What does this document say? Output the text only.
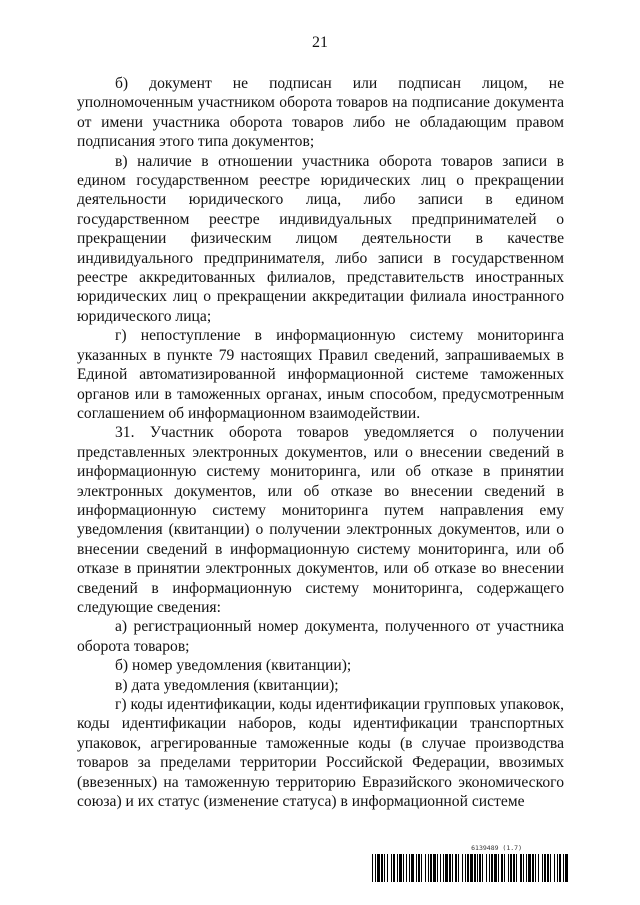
21

б) документ не подписан или подписан лицом, не уполномоченным участником оборота товаров на подписание документа от имени участника оборота товаров либо не обладающим правом подписания этого типа документов;

в) наличие в отношении участника оборота товаров записи в едином государственном реестре юридических лиц о прекращении деятельности юридического лица, либо записи в едином государственном реестре индивидуальных предпринимателей о прекращении физическим лицом деятельности в качестве индивидуального предпринимателя, либо записи в государственном реестре аккредитованных филиалов, представительств иностранных юридических лиц о прекращении аккредитации филиала иностранного юридического лица;

г) непоступление в информационную систему мониторинга указанных в пункте 79 настоящих Правил сведений, запрашиваемых в Единой автоматизированной информационной системе таможенных органов или в таможенных органах, иным способом, предусмотренным соглашением об информационном взаимодействии.

31. Участник оборота товаров уведомляется о получении представленных электронных документов, или о внесении сведений в информационную систему мониторинга, или об отказе в принятии электронных документов, или об отказе во внесении сведений в информационную систему мониторинга путем направления ему уведомления (квитанции) о получении электронных документов, или о внесении сведений в информационную систему мониторинга, или об отказе в принятии электронных документов, или об отказе во внесении сведений в информационную систему мониторинга, содержащего следующие сведения:

а) регистрационный номер документа, полученного от участника оборота товаров;

б) номер уведомления (квитанции);

в) дата уведомления (квитанции);

г) коды идентификации, коды идентификации групповых упаковок, коды идентификации наборов, коды идентификации транспортных упаковок, агрегированные таможенные коды (в случае производства товаров за пределами территории Российской Федерации, ввозимых (ввезенных) на таможенную территорию Евразийского экономического союза) и их статус (изменение статуса) в информационной системе

6139489 (1.7)
